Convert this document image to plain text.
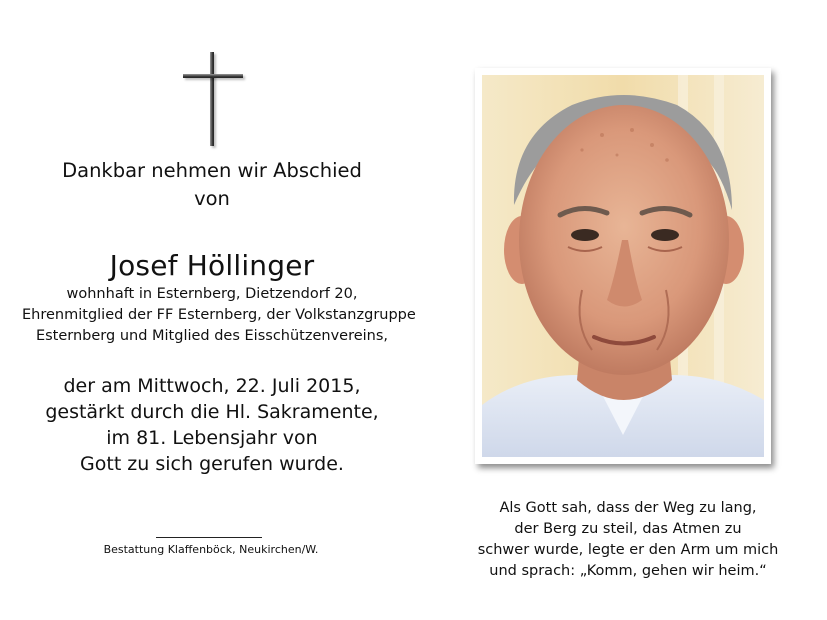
Dankbar nehmen wir Abschied
von
Josef Höllinger
wohnhaft in Esternberg, Dietzendorf 20,
Ehrenmitglied der FF Esternberg, der Volkstanzgruppe
Esternberg und Mitglied des Eisschützenvereins,
der am Mittwoch, 22. Juli 2015,
gestärkt durch die Hl. Sakramente,
im 81. Lebensjahr von
Gott zu sich gerufen wurde.
Bestattung Klaffenböck, Neukirchen/W.
Als Gott sah, dass der Weg zu lang,
der Berg zu steil, das Atmen zu
schwer wurde, legte er den Arm um mich
und sprach: „Komm, gehen wir heim.“
